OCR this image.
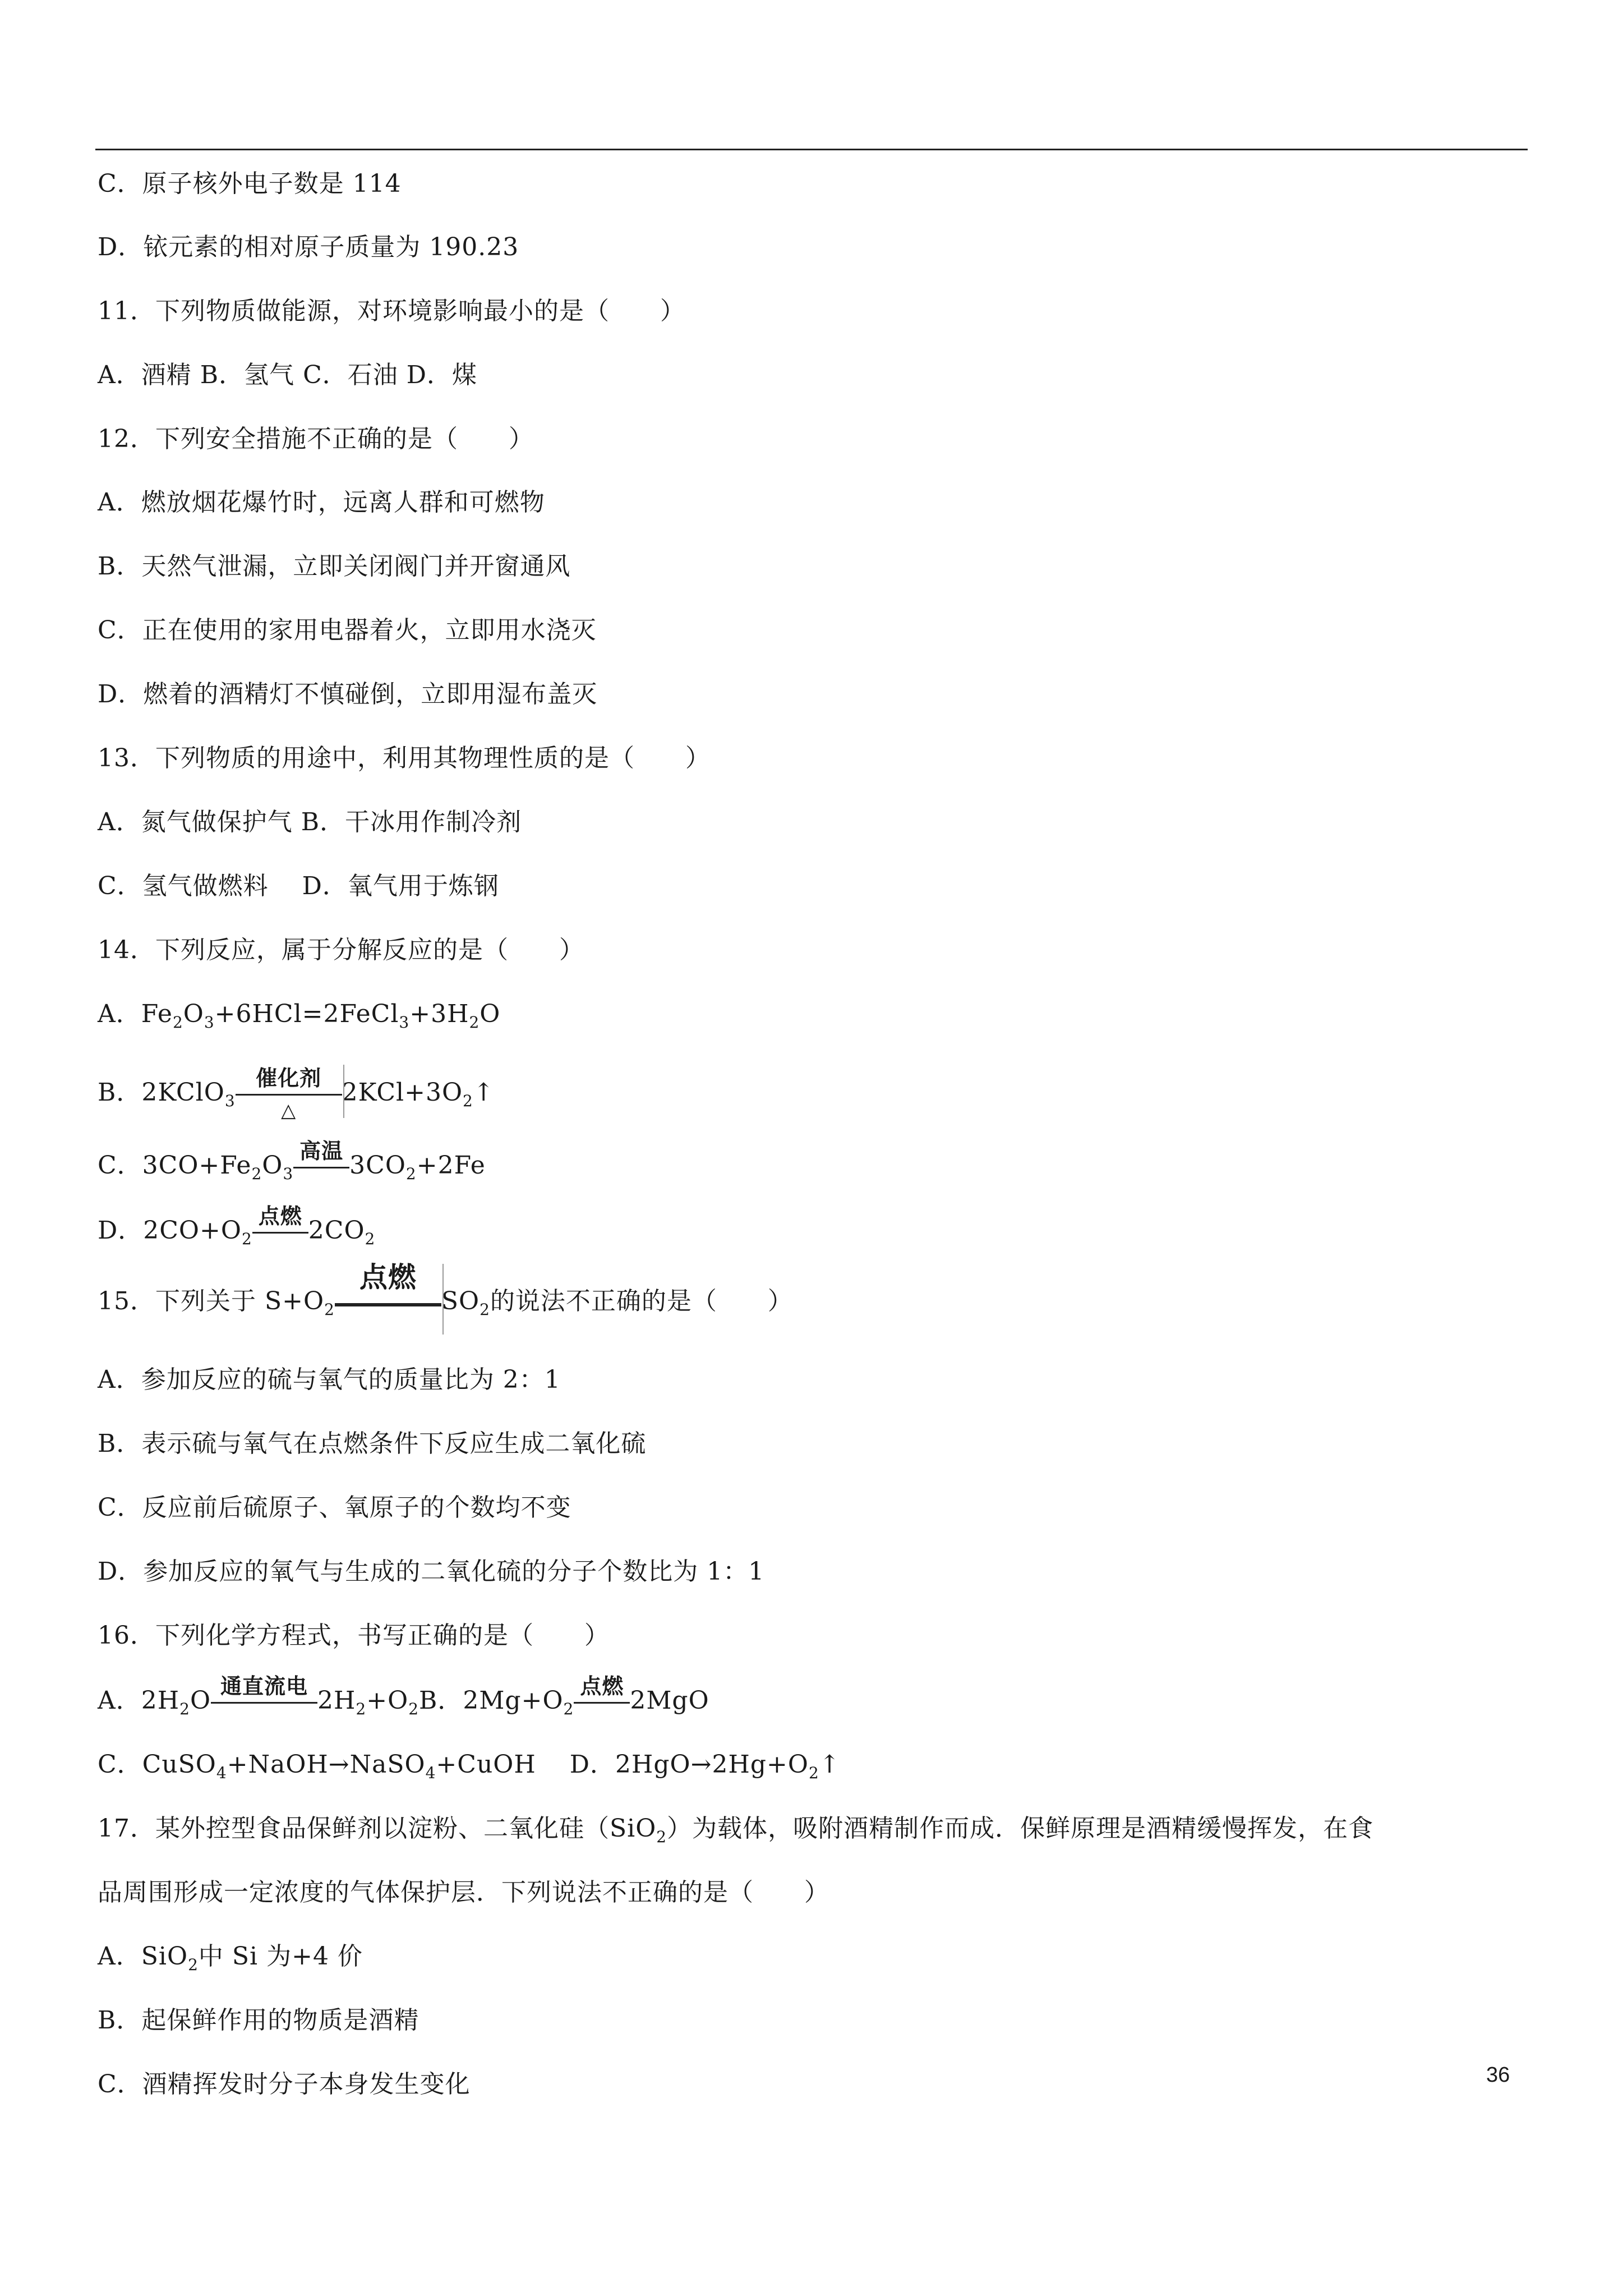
C．原子核外电子数是 114
D．铱元素的相对原子质量为 190.23
11．下列物质做能源，对环境影响最小的是（　　）
A．酒精 B．氢气 C．石油 D．煤
12．下列安全措施不正确的是（　　）
A．燃放烟花爆竹时，远离人群和可燃物
B．天然气泄漏，立即关闭阀门并开窗通风
C．正在使用的家用电器着火，立即用水浇灭
D．燃着的酒精灯不慎碰倒，立即用湿布盖灭
13．下列物质的用途中，利用其物理性质的是（　　）
A．氮气做保护气 B．干冰用作制冷剂
C．氢气做燃料　 D．氧气用于炼钢
14．下列反应，属于分解反应的是（　　）
A．$Fe_2O_3+6HCl=2FeCl_3+3H_2O$
B．2KClO$_3$
催化剂
△
$2KCl+3O_2↑$
C．$3CO+Fe_2O_3$
高温 $3CO_2+2Fe$
D．$2CO+O_2$
点燃 $2CO_2$
15．下列关于 $S+O_2$
点燃
$SO_2$的说法不正确的是（　　）
A．参加反应的硫与氧气的质量比为 2：1
B．表示硫与氧气在点燃条件下反应生成二氧化硫
C．反应前后硫原子、氧原子的个数均不变
D．参加反应的氧气与生成的二氧化硫的分子个数比为 1：1
16．下列化学方程式，书写正确的是（　　）
A．$2H_2O$ 通直流电 $2H_2+O_2B$．$2Mg+O_2$
点燃 2MgO
C．CuSO$_4$+NaOH→NaSO$_4$+CuOH　 D．$2HgO\to 2Hg+O_2↑$
17．某外控型食品保鲜剂以淀粉、二氧化硅（SiO$_2$）为载体，吸附酒精制作而成．保鲜原理是酒精缓慢挥发，在食
品周围形成一定浓度的气体保护层．下列说法不正确的是（　　）
A．SiO$_2$中 Si 为+4 价
B．起保鲜作用的物质是酒精
C．酒精挥发时分子本身发生变化	36
